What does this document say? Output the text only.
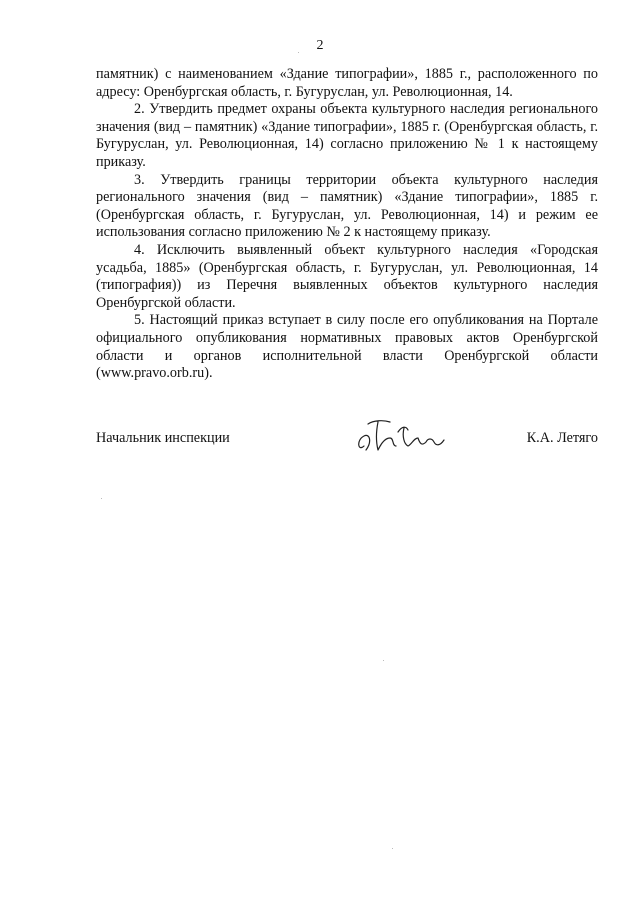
2

памятник) с наименованием «Здание типографии», 1885 г., расположенного по адресу: Оренбургская область, г. Бугуруслан, ул. Революционная, 14.

2. Утвердить предмет охраны объекта культурного наследия регионального значения (вид – памятник) «Здание типографии», 1885 г. (Оренбургская область, г. Бугуруслан, ул. Революционная, 14) согласно приложению № 1 к настоящему приказу.

3. Утвердить границы территории объекта культурного наследия регионального значения (вид – памятник) «Здание типографии», 1885 г. (Оренбургская область, г. Бугуруслан, ул. Революционная, 14) и режим ее использования согласно приложению № 2 к настоящему приказу.

4. Исключить выявленный объект культурного наследия «Городская усадьба, 1885» (Оренбургская область, г. Бугуруслан, ул. Революционная, 14 (типография)) из Перечня выявленных объектов культурного наследия Оренбургской области.

5. Настоящий приказ вступает в силу после его опубликования на Портале официального опубликования нормативных правовых актов Оренбургской области и органов исполнительной власти Оренбургской области (www.pravo.orb.ru).

Начальник инспекции	К.А. Летяго
